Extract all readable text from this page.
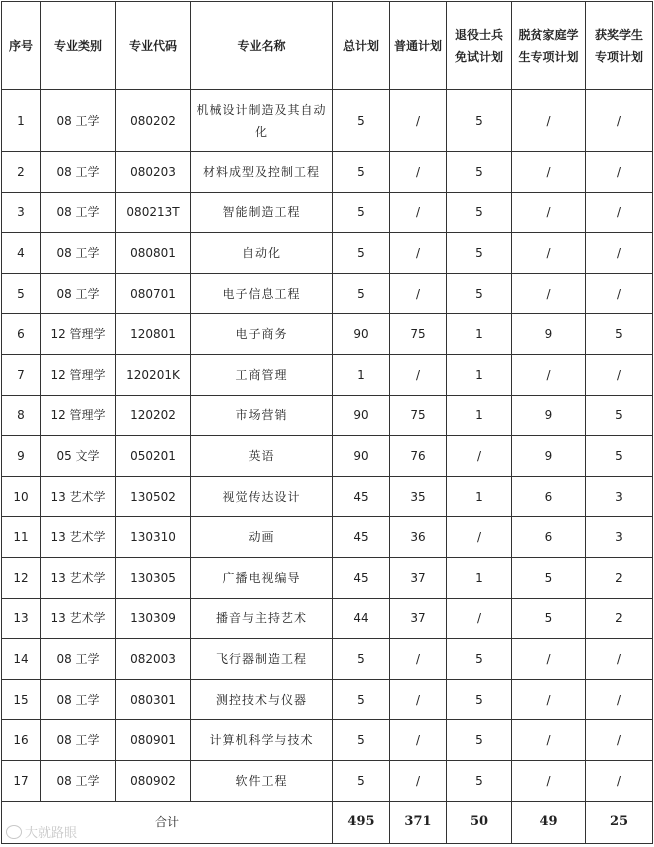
序号	专业类别	专业代码	专业名称	总计划	普通计划	退役士兵免试计划	脱贫家庭学生专项计划	获奖学生专项计划
1	08 工学	080202	机械设计制造及其自动化	5	/	5	/	/
2	08 工学	080203	材料成型及控制工程	5	/	5	/	/
3	08 工学	080213T	智能制造工程	5	/	5	/	/
4	08 工学	080801	自动化	5	/	5	/	/
5	08 工学	080701	电子信息工程	5	/	5	/	/
6	12 管理学	120801	电子商务	90	75	1	9	5
7	12 管理学	120201K	工商管理	1	/	1	/	/
8	12 管理学	120202	市场营销	90	75	1	9	5
9	05 文学	050201	英语	90	76	/	9	5
10	13 艺术学	130502	视觉传达设计	45	35	1	6	3
11	13 艺术学	130310	动画	45	36	/	6	3
12	13 艺术学	130305	广播电视编导	45	37	1	5	2
13	13 艺术学	130309	播音与主持艺术	44	37	/	5	2
14	08 工学	082003	飞行器制造工程	5	/	5	/	/
15	08 工学	080301	测控技术与仪器	5	/	5	/	/
16	08 工学	080901	计算机科学与技术	5	/	5	/	/
17	08 工学	080902	软件工程	5	/	5	/	/
合计				495	371	50	49	25
大就路眼
